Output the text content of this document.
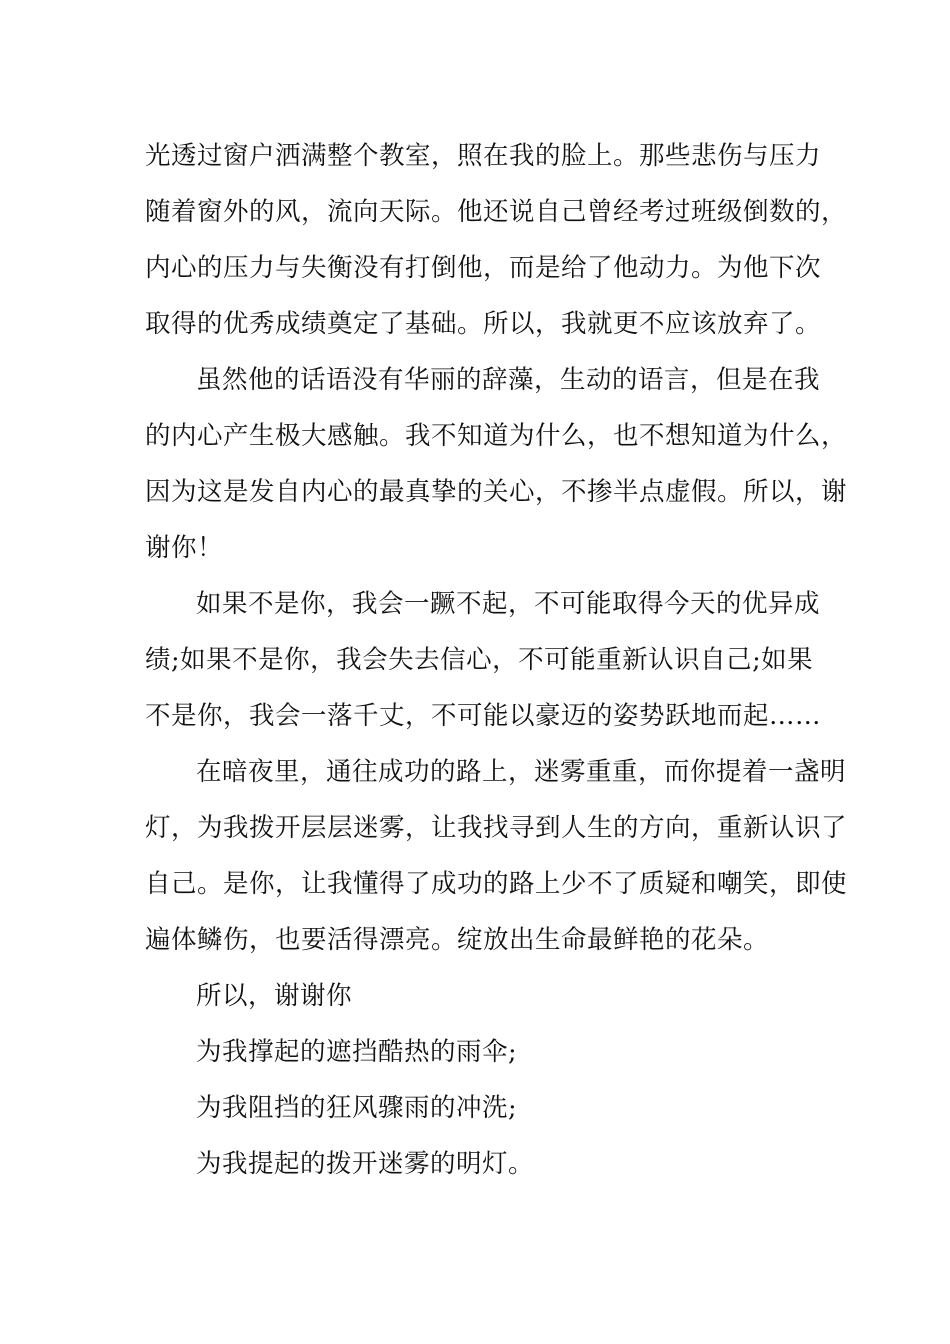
光透过窗户洒满整个教室，照在我的脸上。那些悲伤与压力
随着窗外的风，流向天际。他还说自己曾经考过班级倒数的，
内心的压力与失衡没有打倒他，而是给了他动力。为他下次
取得的优秀成绩奠定了基础。所以，我就更不应该放弃了。

虽然他的话语没有华丽的辞藻，生动的语言，但是在我
的内心产生极大感触。我不知道为什么，也不想知道为什么，
因为这是发自内心的最真挚的关心，不掺半点虚假。所以，谢
谢你！

如果不是你，我会一蹶不起，不可能取得今天的优异成
绩;如果不是你，我会失去信心，不可能重新认识自己;如果
不是你，我会一落千丈，不可能以豪迈的姿势跃地而起……

在暗夜里，通往成功的路上，迷雾重重，而你提着一盏明
灯，为我拨开层层迷雾，让我找寻到人生的方向，重新认识了
自己。是你，让我懂得了成功的路上少不了质疑和嘲笑，即使
遍体鳞伤，也要活得漂亮。绽放出生命最鲜艳的花朵。

所以，谢谢你

为我撑起的遮挡酷热的雨伞;

为我阻挡的狂风骤雨的冲洗;

为我提起的拨开迷雾的明灯。
